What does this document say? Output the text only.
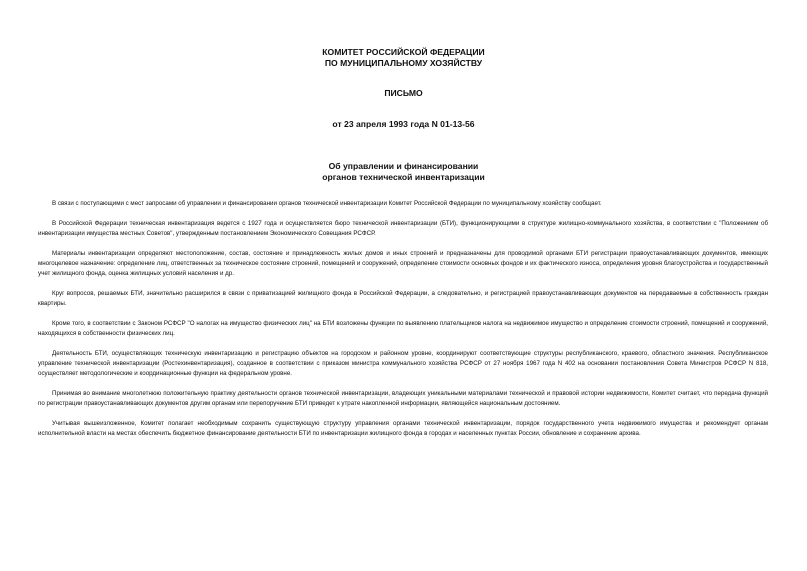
КОМИТЕТ РОССИЙСКОЙ ФЕДЕРАЦИИ
ПО МУНИЦИПАЛЬНОМУ ХОЗЯЙСТВУ
ПИСЬМО
от 23 апреля 1993 года N 01-13-56
Об управлении и финансировании
органов технической инвентаризации

В связи с поступающими с мест запросами об управлении и финансировании органов технической инвентаризации Комитет Российской Федерации по муниципальному хозяйству сообщает.

В Российской Федерации техническая инвентаризация ведется с 1927 года и осуществляется бюро технической инвентаризации (БТИ), функционирующими в структуре жилищно-коммунального хозяйства, в соответствии с "Положением об инвентаризации имущества местных Советов", утвержденным постановлением Экономического Совещания РСФСР.

Материалы инвентаризации определяют местоположение, состав, состояние и принадлежность жилых домов и иных строений и предназначены для проводимой органами БТИ регистрации правоустанавливающих документов, имеющих многоцелевое назначение: определение лиц, ответственных за техническое состояние строений, помещений и сооружений, определение стоимости основных фондов и их фактического износа, определения уровня благоустройства и государственный учет жилищного фонда, оценка жилищных условий населения и др.

Круг вопросов, решаемых БТИ, значительно расширился в связи с приватизацией жилищного фонда в Российской Федерации, а следовательно, и регистрацией правоустанавливающих документов на передаваемые в собственность граждан квартиры.

Кроме того, в соответствии с Законом РСФСР "О налогах на имущество физических лиц" на БТИ возложены функции по выявлению плательщиков налога на недвижимое имущество и определение стоимости строений, помещений и сооружений, находящихся в собственности физических лиц.

Деятельность БТИ, осуществляющих техническую инвентаризацию и регистрацию объектов на городском и районном уровне, координируют соответствующие структуры республиканского, краевого, областного значения. Республиканское управление технической инвентаризации (Ростехинвентаризация), созданное в соответствии с приказом министра коммунального хозяйства РСФСР от 27 ноября 1967 года N 402 на основании постановления Совета Министров РСФСР N 818, осуществляет методологические и координационные функции на федеральном уровне.

Принимая во внимание многолетнюю положительную практику деятельности органов технической инвентаризации, владеющих уникальными материалами технической и правовой истории недвижимости, Комитет считает, что передача функций по регистрации правоустанавливающих документов другим органам или перепоручение БТИ приведет к утрате накопленной информации, являющейся национальным достоянием.

Учитывая вышеизложенное, Комитет полагает необходимым сохранить существующую структуру управления органами технической инвентаризации, порядок государственного учета недвижимого имущества и рекомендует органам исполнительной власти на местах обеспечить бюджетное финансирование деятельности БТИ по инвентаризации жилищного фонда в городах и населенных пунктах России, обновление и сохранение архива.
